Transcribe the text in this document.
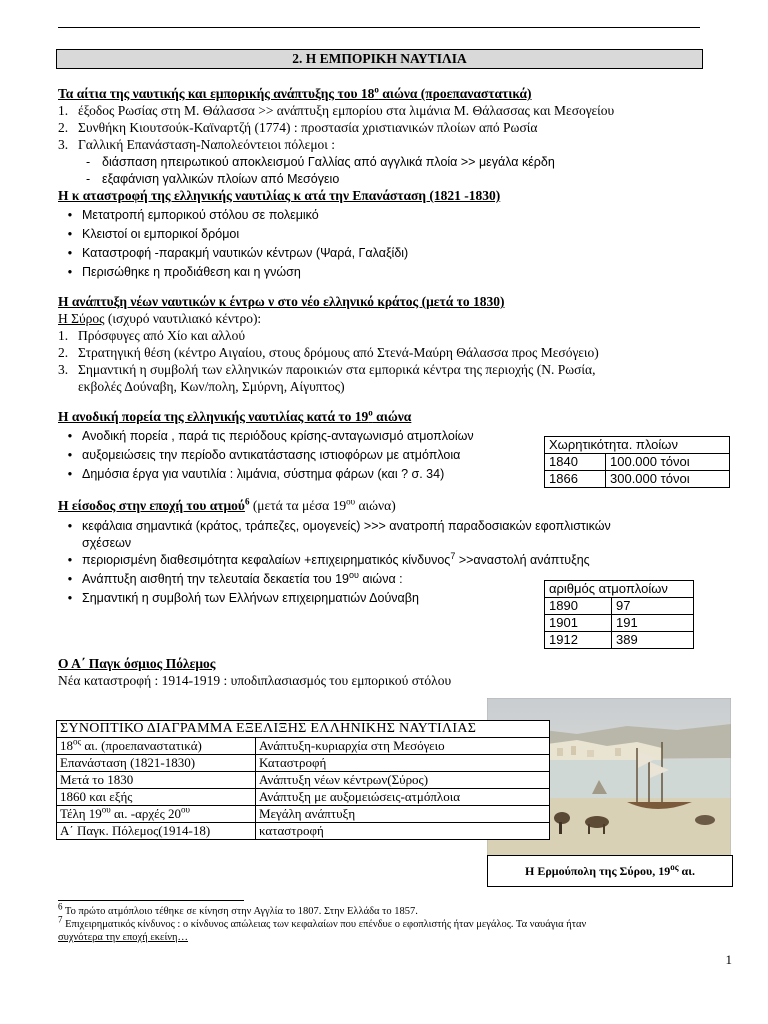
2. Η ΕΜΠΟΡΙΚΗ ΝΑΥΤΙΛΙΑ
Τα αίτια της ναυτικής και εμπορικής ανάπτυξης του $18^o$ αιώνα (προεπαναστατικά)
1. έξοδος Ρωσίας στη Μ. Θάλασσα >> ανάπτυξη εμπορίου στα λιμάνια Μ. Θάλασσας και Μεσογείου
2. Συνθήκη Κιουτσούκ-Καϊναρτζή (1774) : προστασία χριστιανικών πλοίων από Ρωσία
3. Γαλλική Επανάσταση-Ναπολεόντειοι πόλεμοι :
- διάσπαση ηπειρωτικού αποκλεισμού Γαλλίας από αγγλικά πλοία >> μεγάλα κέρδη
- εξαφάνιση γαλλικών πλοίων από Μεσόγειο
Η κ αταστροφή της ελληνικής ναυτιλίας κ ατά την Επανάσταση (1821 -1830)
• Μετατροπή εμπορικού στόλου σε πολεμικό
• Κλειστοί οι εμπορικοί δρόμοι
• Καταστροφή -παρακμή ναυτικών κέντρων (Ψαρά, Γαλαξίδι)
• Περισώθηκε η προδιάθεση και η γνώση
Η ανάπτυξη νέων ναυτικών κ έντρω ν στο νέο ελληνικό κράτος (μετά το 1830)
Η Σύρος (ισχυρό ναυτιλιακό κέντρο):
1. Πρόσφυγες από Χίο και αλλού
2. Στρατηγική θέση (κέντρο Αιγαίου, στους δρόμους από Στενά-Μαύρη Θάλασσα προς Μεσόγειο)
3. Σημαντική η συμβολή των ελληνικών παροικιών στα εμπορικά κέντρα της περιοχής (Ν. Ρωσία,
εκβολές Δούναβη, Κων/πολη, Σμύρνη, Αίγυπτος)
Η ανοδική πορεία της ελληνικής ναυτιλίας κατά το $19^o$ αιώνα
• Ανοδική πορεία , παρά τις περιόδους κρίσης-ανταγωνισμό ατμοπλοίων
• αυξομειώσεις την περίοδο αντικατάστασης ιστιοφόρων με ατμόπλοια
• Δημόσια έργα για ναυτιλία : λιμάνια, σύστημα φάρων (και ? σ. 34)
Χωρητικότητα. πλοίων	
1840	100.000 τόνοι
1866	300.000 τόνοι
Η είσοδος στην εποχή του ατμού$^6$ (μετά τα μέσα $19^{o\upsilon}$ αιώνα)
• κεφάλαια σημαντικά (κράτος, τράπεζες, ομογενείς) >>> ανατροπή παραδοσιακών εφοπλιστικών
σχέσεων
• περιορισμένη διαθεσιμότητα κεφαλαίων +επιχειρηματικός κίνδυνος$^7$ >>αναστολή ανάπτυξης
• Ανάπτυξη αισθητή την τελευταία δεκαετία του $19^{o\upsilon}$ αιώνα :
• Σημαντική η συμβολή των Ελλήνων επιχειρηματιών Δούναβη
αριθμός ατμοπλοίων	
1890	97
1901	191
1912	389
Ο Α΄ Παγκ όσμιος Πόλεμος
Νέα καταστροφή : 1914-1919 : υποδιπλασιασμός του εμπορικού στόλου
ΣΥΝΟΠΤΙΚΟ ΔΙΑΓΡΑΜΜΑ ΕΞΕΛΙΞΗΣ ΕΛΛΗΝΙΚΗΣ ΝΑΥΤΙΛΙΑΣ	
$18^{o\varsigma}$ αι. (προεπαναστατικά)	Ανάπτυξη-κυριαρχία στη Μεσόγειο
Επανάσταση (1821-1830)	Καταστροφή
Μετά το 1830	Ανάπτυξη νέων κέντρων(Σύρος)
1860 και εξής	Ανάπτυξη με αυξομειώσεις-ατμόπλοια
Τέλη $19^{o\upsilon}$ αι. -αρχές $20^{o\upsilon}$	Μεγάλη ανάπτυξη
Α΄ Παγκ. Πόλεμος(1914-18)	καταστροφή
Η Ερμούπολη της Σύρου, $19^{o\varsigma}$ αι.
$^6$ Το πρώτο ατμόπλοιο τέθηκε σε κίνηση στην Αγγλία το 1807. Στην Ελλάδα το 1857.
$^7$ Επιχειρηματικός κίνδυνος : ο κίνδυνος απώλειας των κεφαλαίων που επένδυε ο εφοπλιστής ήταν μεγάλος. Τα ναυάγια ήταν
συχνότερα την εποχή εκείνη…
1
